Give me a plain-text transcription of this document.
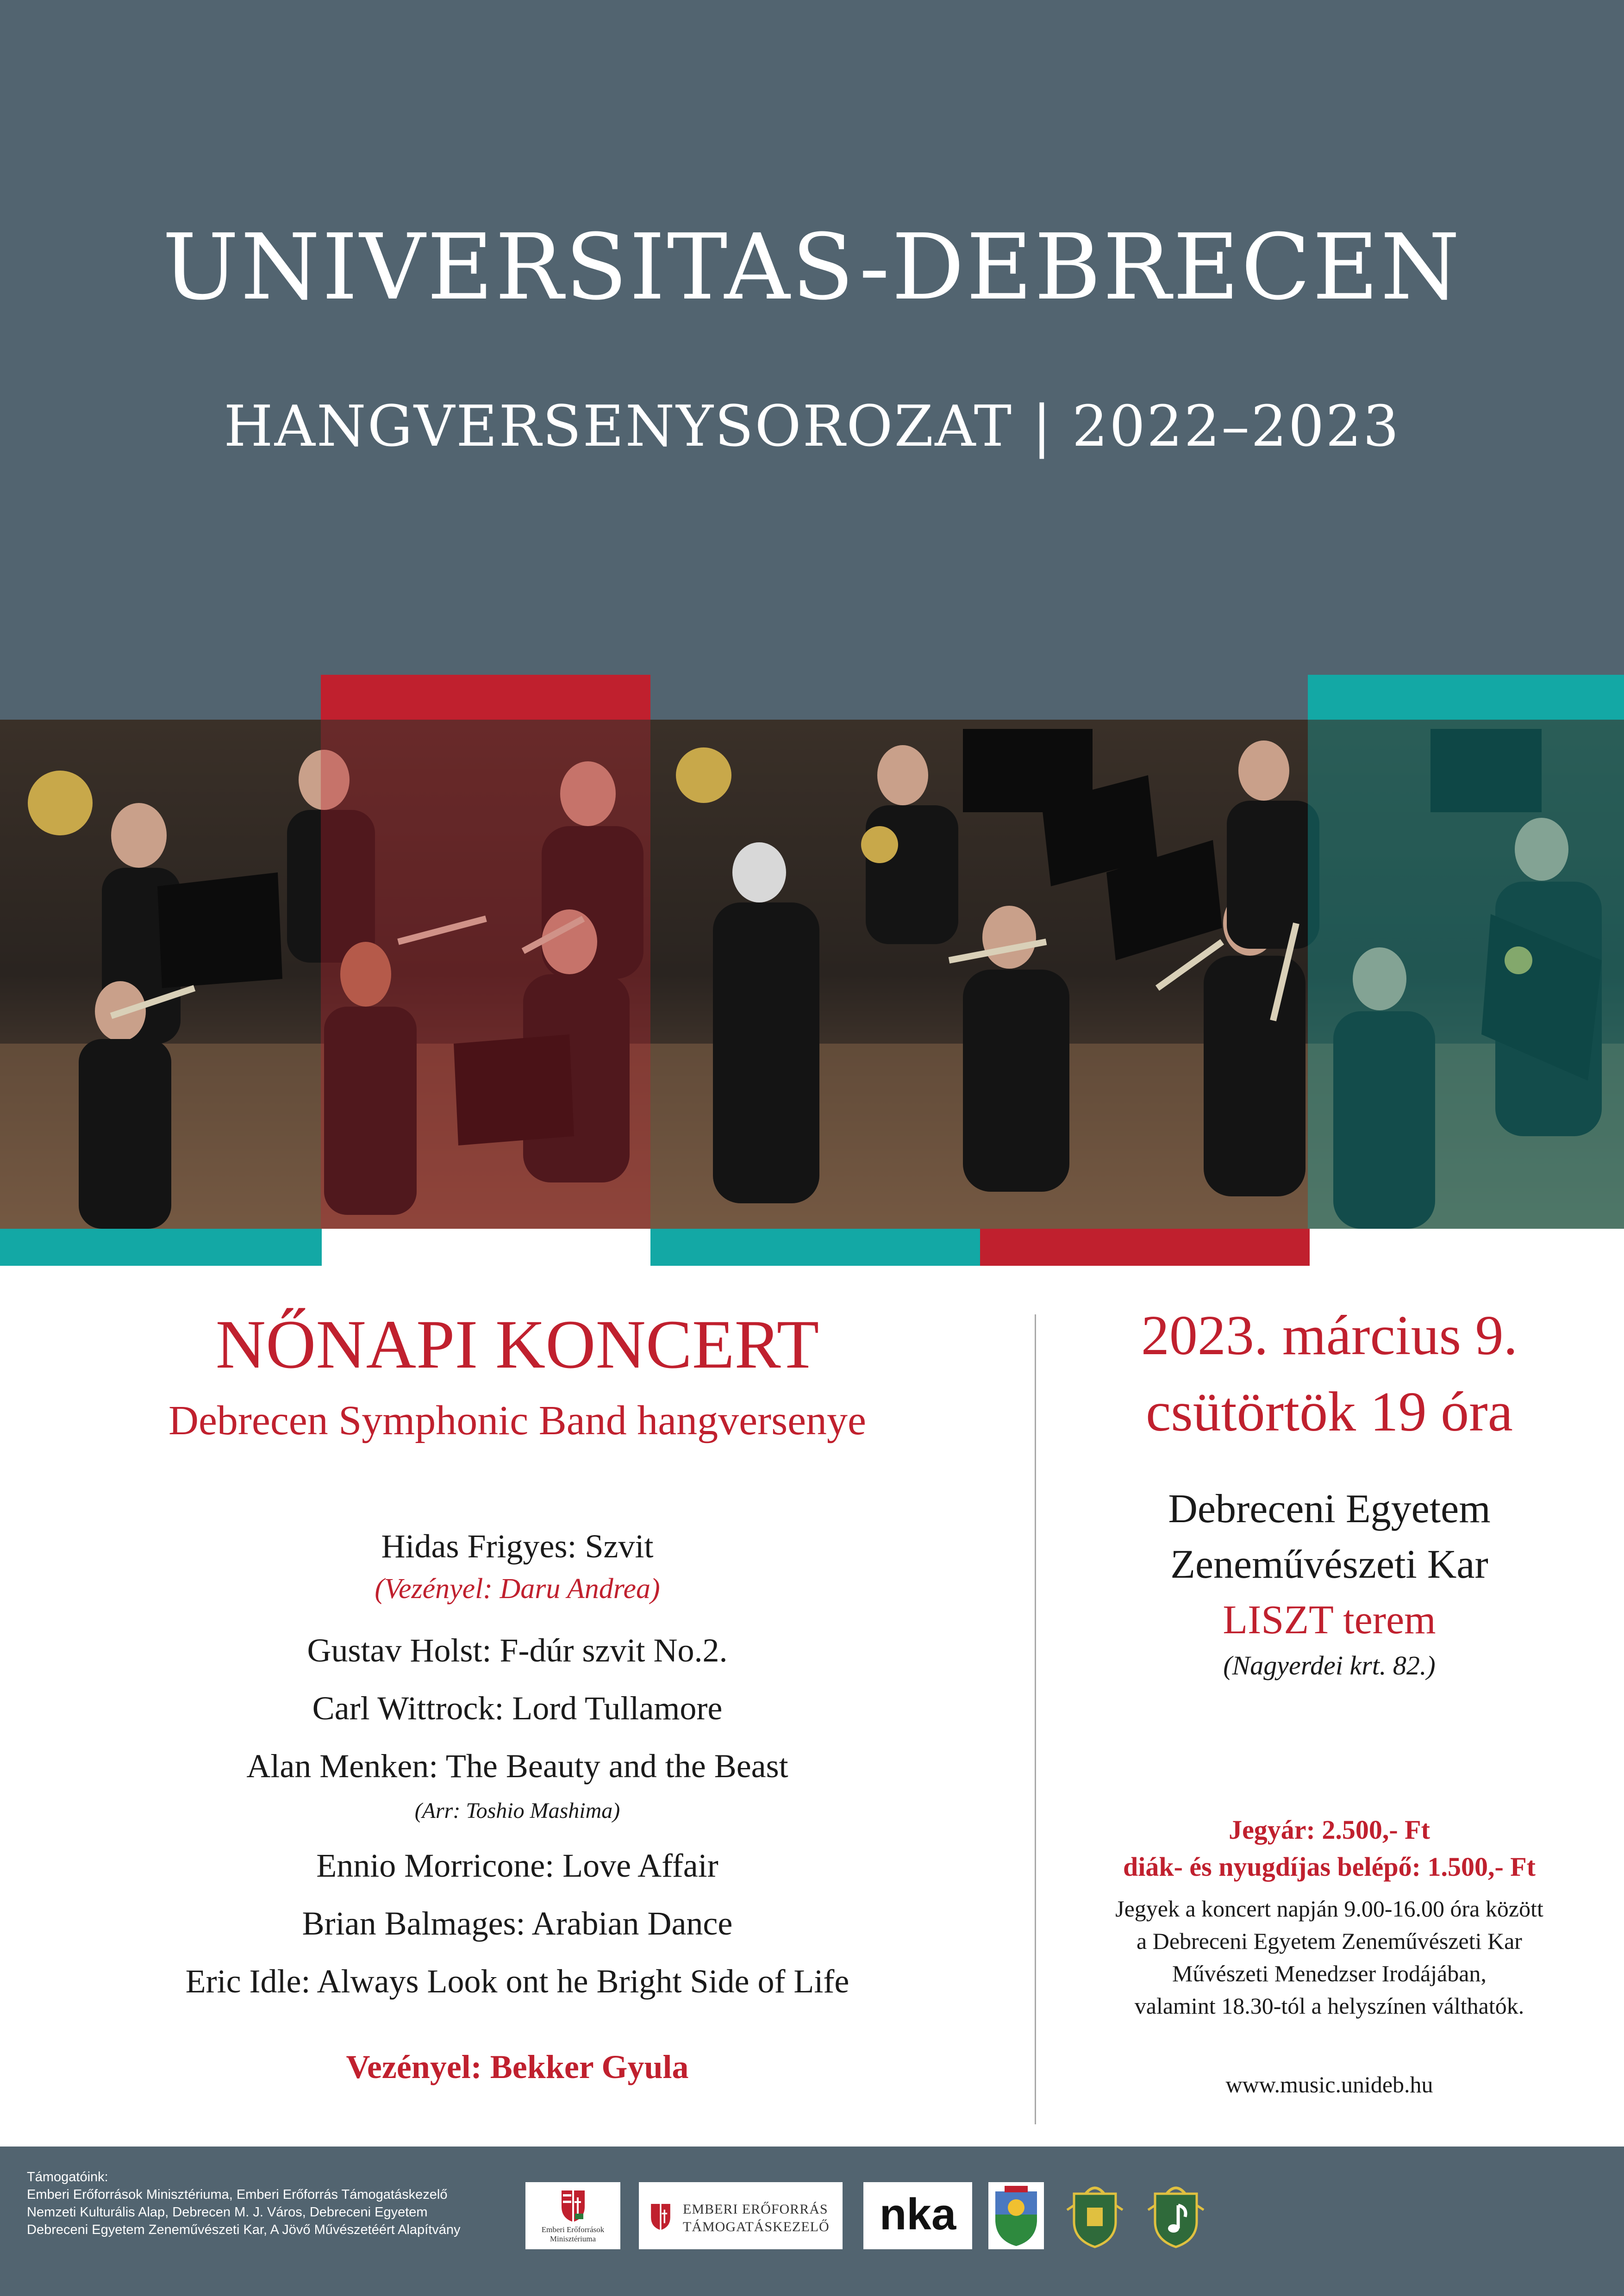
UNIVERSITAS-DEBRECEN
HANGVERSENYSOROZAT | 2022–2023
NŐNAPI KONCERT
Debrecen Symphonic Band hangversenye
Hidas Frigyes: Szvit
(Vezényel: Daru Andrea)
Gustav Holst: F-dúr szvit No.2.
Carl Wittrock: Lord Tullamore
Alan Menken: The Beauty and the Beast
(Arr: Toshio Mashima)
Ennio Morricone: Love Affair
Brian Balmages: Arabian Dance
Eric Idle: Always Look ont he Bright Side of Life
Vezényel: Bekker Gyula
2023. március 9.
csütörtök 19 óra
Debreceni Egyetem
Zeneművészeti Kar
LISZT terem
(Nagyerdei krt. 82.)
Jegyár: 2.500,- Ft
diák- és nyugdíjas belépő: 1.500,- Ft
Jegyek a koncert napján 9.00-16.00 óra között
a Debreceni Egyetem Zeneművészeti Kar
Művészeti Menedzser Irodájában,
valamint 18.30-tól a helyszínen válthatók.
www.music.unideb.hu
Támogatóink:
Emberi Erőforrások Minisztériuma, Emberi Erőforrás Támogatáskezelő
Nemzeti Kulturális Alap, Debrecen M. J. Város, Debreceni Egyetem
Debreceni Egyetem Zeneművészeti Kar, A Jövő Művészetéért Alapítvány	Emberi Erőforrások
Minisztériuma
EMBERI ERŐFORRÁS
TÁMOGATÁSKEZELŐ	nka
